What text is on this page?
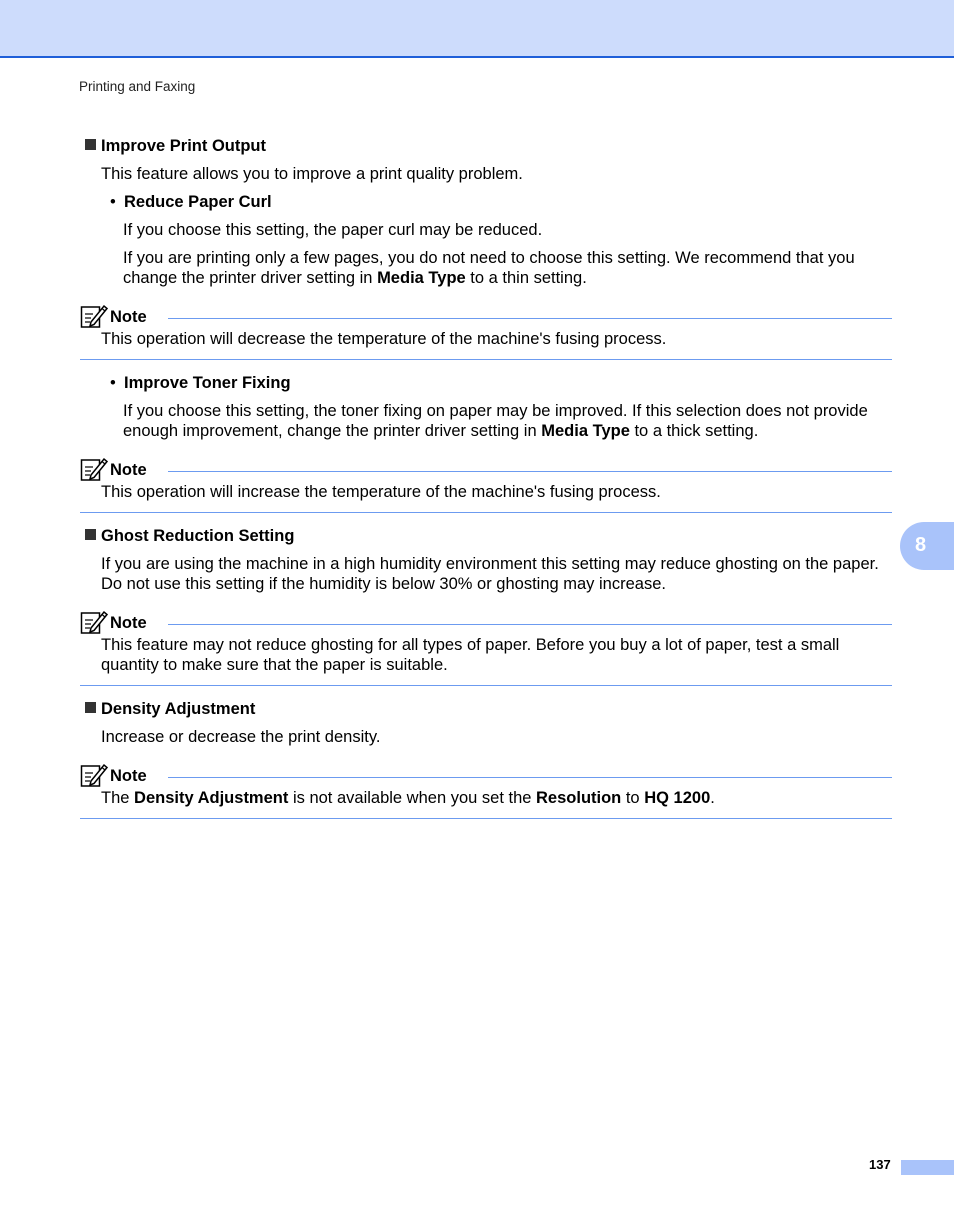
Printing and Faxing
Improve Print Output
This feature allows you to improve a print quality problem.
• Reduce Paper Curl
If you choose this setting, the paper curl may be reduced.
If you are printing only a few pages, you do not need to choose this setting. We recommend that you
change the printer driver setting in Media Type to a thin setting.
Note
This operation will decrease the temperature of the machine's fusing process.
• Improve Toner Fixing
If you choose this setting, the toner fixing on paper may be improved. If this selection does not provide
enough improvement, change the printer driver setting in Media Type to a thick setting.
Note
This operation will increase the temperature of the machine's fusing process.
Ghost Reduction Setting
If you are using the machine in a high humidity environment this setting may reduce ghosting on the paper.
Do not use this setting if the humidity is below 30% or ghosting may increase.
Note
This feature may not reduce ghosting for all types of paper. Before you buy a lot of paper, test a small
quantity to make sure that the paper is suitable.
Density Adjustment
Increase or decrease the print density.
Note
The Density Adjustment is not available when you set the Resolution to HQ 1200.
8
137
